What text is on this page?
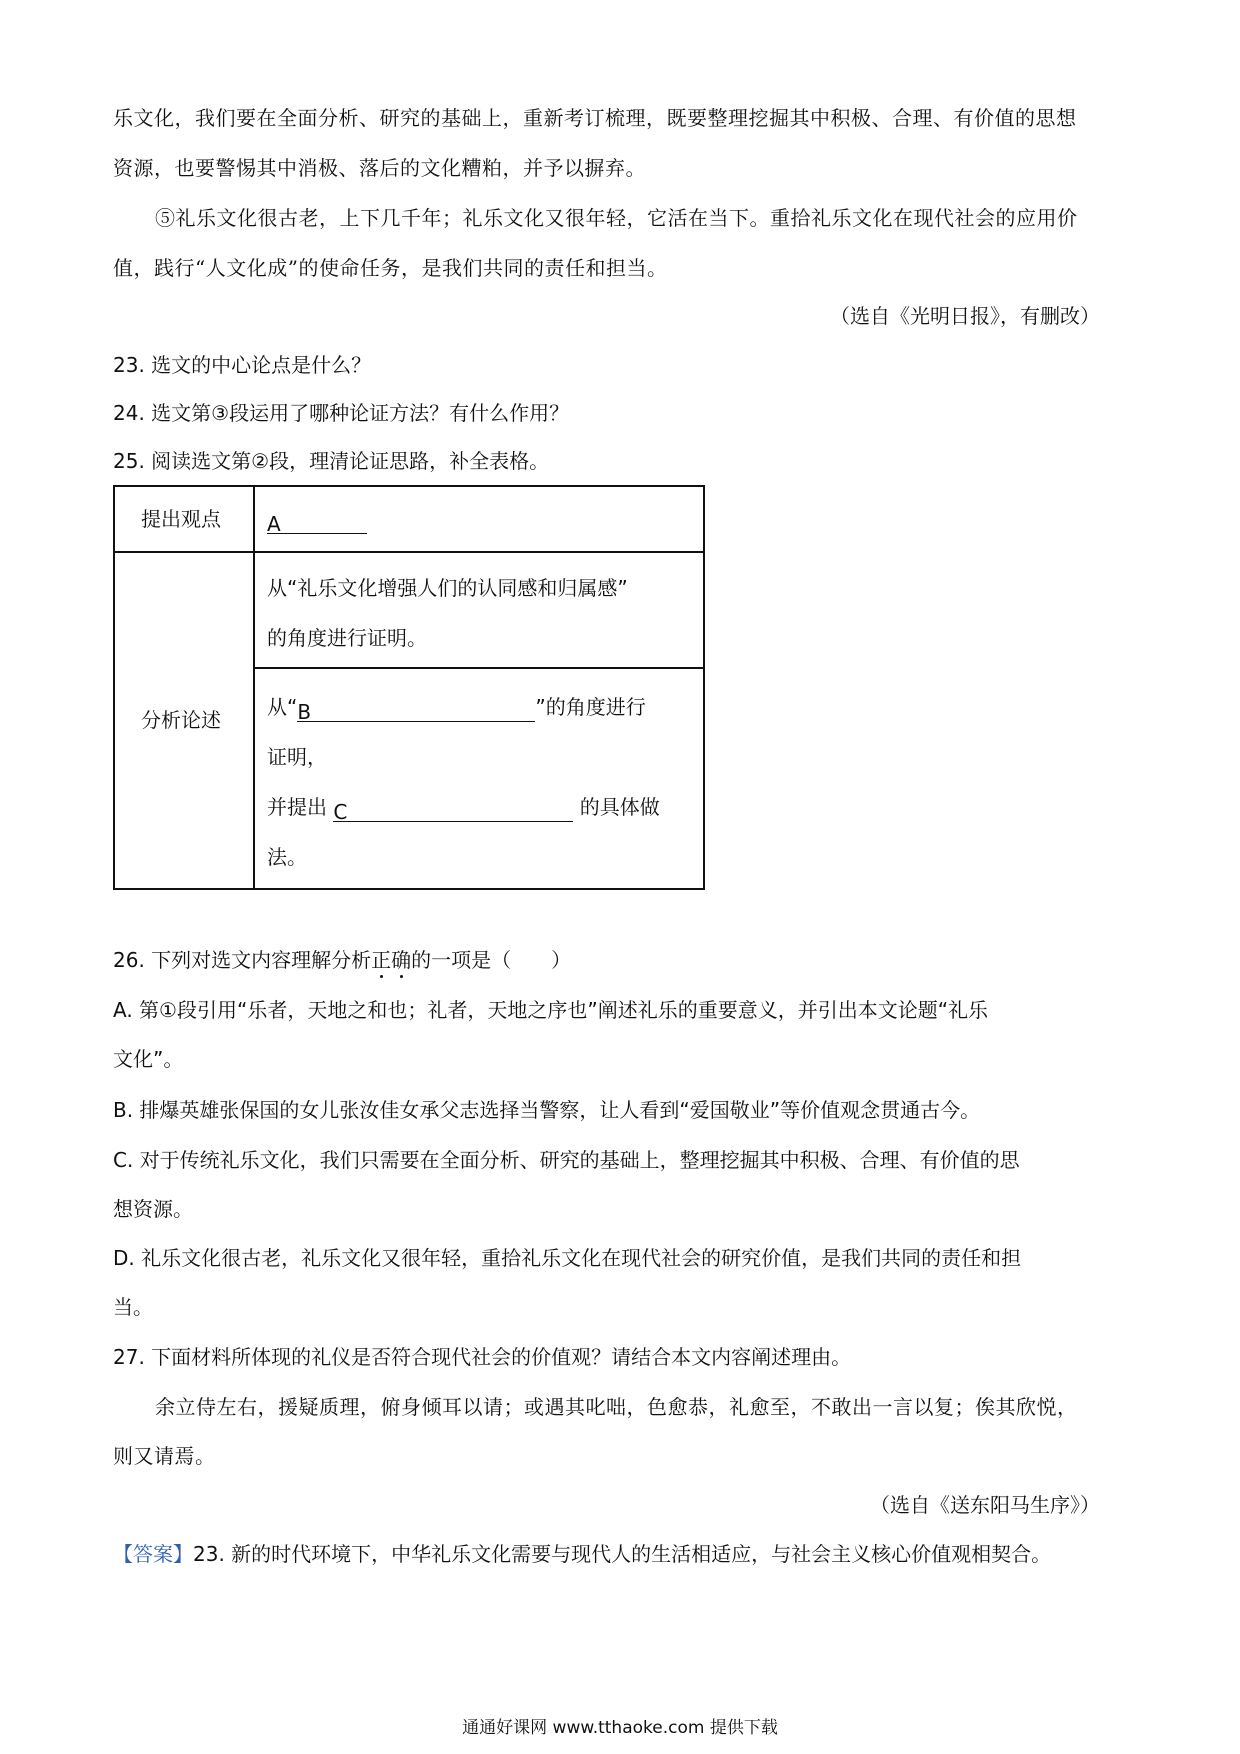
乐文化，我们要在全面分析、研究的基础上，重新考订梳理，既要整理挖掘其中积极、合理、有价值的思想
资源，也要警惕其中消极、落后的文化糟粕，并予以摒弃。
⑤礼乐文化很古老，上下几千年；礼乐文化又很年轻，它活在当下。重拾礼乐文化在现代社会的应用价
值，践行“人文化成”的使命任务，是我们共同的责任和担当。
（选自《光明日报》，有删改）
23. 选文的中心论点是什么？
24. 选文第③段运用了哪种论证方法？有什么作用？
25. 阅读选文第②段，理清论证思路，补全表格。
提出观点 A
分析论述
从“礼乐文化增强人们的认同感和归属感”
的角度进行证明。
从“B	”的角度进行
证明，
并提出 C	的具体做
法。
26. 下列对选文内容理解分析正确的一项是（　　）
A. 第①段引用“乐者，天地之和也；礼者，天地之序也”阐述礼乐的重要意义，并引出本文论题“礼乐
文化”。
B. 排爆英雄张保国的女儿张汝佳女承父志选择当警察，让人看到“爱国敬业”等价值观念贯通古今。
C. 对于传统礼乐文化，我们只需要在全面分析、研究的基础上，整理挖掘其中积极、合理、有价值的思
想资源。
D. 礼乐文化很古老，礼乐文化又很年轻，重拾礼乐文化在现代社会的研究价值，是我们共同的责任和担
当。
27. 下面材料所体现的礼仪是否符合现代社会的价值观？请结合本文内容阐述理由。
余立侍左右，援疑质理，俯身倾耳以请；或遇其叱咄，色愈恭，礼愈至，不敢出一言以复；俟其欣悦，
则又请焉。
（选自《送东阳马生序》）
【答案】23. 新的时代环境下，中华礼乐文化需要与现代人的生活相适应，与社会主义核心价值观相契合。
通通好课网 www.tthaoke.com 提供下载
